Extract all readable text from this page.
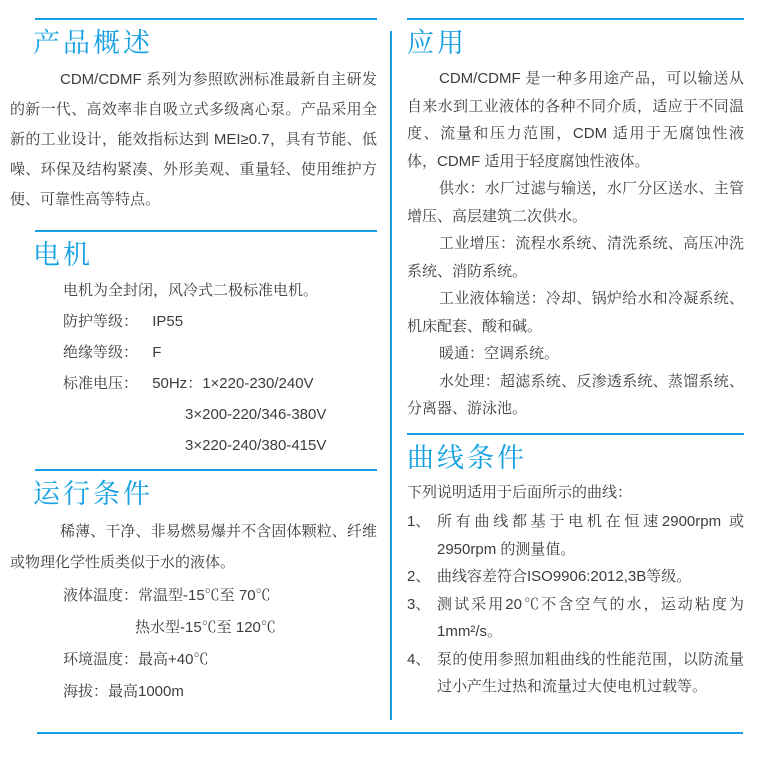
产品概述
CDM/CDMF 系列为参照欧洲标准最新自主研发的新一代、高效率非自吸立式多级离心泵。产品采用全新的工业设计，能效指标达到 MEI≥0.7，具有节能、低噪、环保及结构紧凑、外形美观、重量轻、使用维护方便、可靠性高等特点。
电机
电机为全封闭，风冷式二极标准电机。
防护等级： IP55
绝缘等级： F
标准电压： 50Hz：1×220-230/240V
3×200-220/346-380V
3×220-240/380-415V
运行条件
稀薄、干净、非易燃易爆并不含固体颗粒、纤维或物理化学性质类似于水的液体。
液体温度：常温型-15℃至 70℃
热水型-15℃至 120℃
环境温度：最高+40℃
海拔：最高1000m
应用
CDM/CDMF 是一种多用途产品，可以输送从自来水到工业液体的各种不同介质，适应于不同温度、流量和压力范围，CDM 适用于无腐蚀性液体，CDMF 适用于轻度腐蚀性液体。
供水：水厂过滤与输送，水厂分区送水、主管增压、高层建筑二次供水。
工业增压：流程水系统、清洗系统、高压冲洗系统、消防系统。
工业液体输送：冷却、锅炉给水和冷凝系统、机床配套、酸和碱。
暖通：空调系统。
水处理：超滤系统、反渗透系统、蒸馏系统、分离器、游泳池。
曲线条件
下列说明适用于后面所示的曲线：
1、 所有曲线都基于电机在恒速2900rpm 或2950rpm 的测量值。
2、 曲线容差符合ISO9906:2012,3B等级。
3、 测试采用20℃不含空气的水，运动粘度为1mm²/s。
4、 泵的使用参照加粗曲线的性能范围，以防流量过小产生过热和流量过大使电机过载等。
